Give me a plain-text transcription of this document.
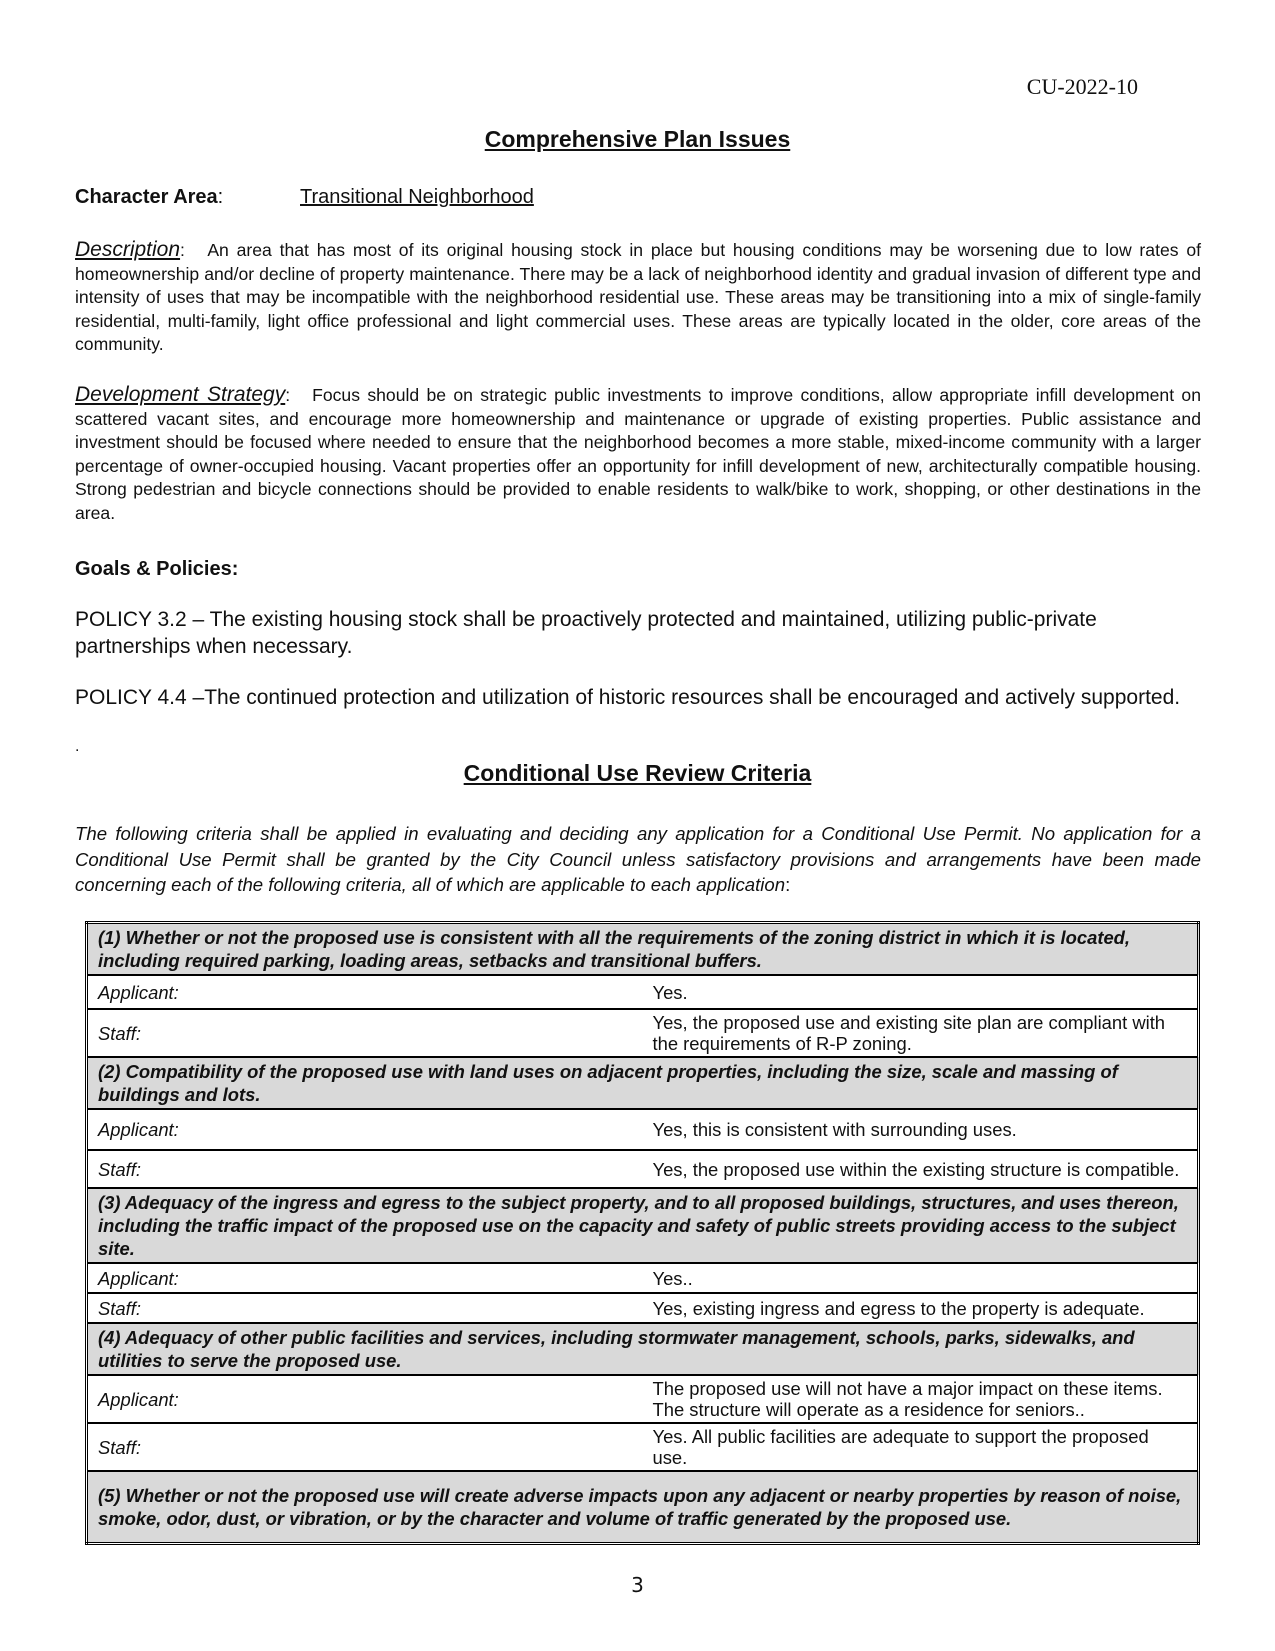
CU-2022-10
Comprehensive Plan Issues
Character Area:	Transitional Neighborhood
Description:   An area that has most of its original housing stock in place but housing conditions may be worsening due to low rates of homeownership and/or decline of property maintenance. There may be a lack of neighborhood identity and gradual invasion of different type and intensity of uses that may be incompatible with the neighborhood residential use. These areas may be transitioning into a mix of single-family residential, multi-family, light office professional and light commercial uses. These areas are typically located in the older, core areas of the community.
Development Strategy:   Focus should be on strategic public investments to improve conditions, allow appropriate infill development on scattered vacant sites, and encourage more homeownership and maintenance or upgrade of existing properties. Public assistance and investment should be focused where needed to ensure that the neighborhood becomes a more stable, mixed-income community with a larger percentage of owner-occupied housing. Vacant properties offer an opportunity for infill development of new, architecturally compatible housing. Strong pedestrian and bicycle connections should be provided to enable residents to walk/bike to work, shopping, or other destinations in the area.
Goals & Policies:
POLICY 3.2 – The existing housing stock shall be proactively protected and maintained, utilizing public-private partnerships when necessary.
POLICY 4.4 –The continued protection and utilization of historic resources shall be encouraged and actively supported.
.
Conditional Use Review Criteria
The following criteria shall be applied in evaluating and deciding any application for a Conditional Use Permit. No application for a Conditional Use Permit shall be granted by the City Council unless satisfactory provisions and arrangements have been made concerning each of the following criteria, all of which are applicable to each application:
(1) Whether or not the proposed use is consistent with all the requirements of the zoning district in which it is located, including required parking, loading areas, setbacks and transitional buffers.	
Applicant:	Yes.
Staff:	Yes, the proposed use and existing site plan are compliant with the requirements of R-P zoning.
(2) Compatibility of the proposed use with land uses on adjacent properties, including the size, scale and massing of buildings and lots.	
Applicant:	Yes, this is consistent with surrounding uses.
Staff:	Yes, the proposed use within the existing structure is compatible.
(3) Adequacy of the ingress and egress to the subject property, and to all proposed buildings, structures, and uses thereon, including the traffic impact of the proposed use on the capacity and safety of public streets providing access to the subject site.	
Applicant:	Yes..
Staff:	Yes, existing ingress and egress to the property is adequate.
(4) Adequacy of other public facilities and services, including stormwater management, schools, parks, sidewalks, and utilities to serve the proposed use.	
Applicant:	The proposed use will not have a major impact on these items. The structure will operate as a residence for seniors..
Staff:	Yes. All public facilities are adequate to support the proposed use.
(5) Whether or not the proposed use will create adverse impacts upon any adjacent or nearby properties by reason of noise, smoke, odor, dust, or vibration, or by the character and volume of traffic generated by the proposed use.	
3
